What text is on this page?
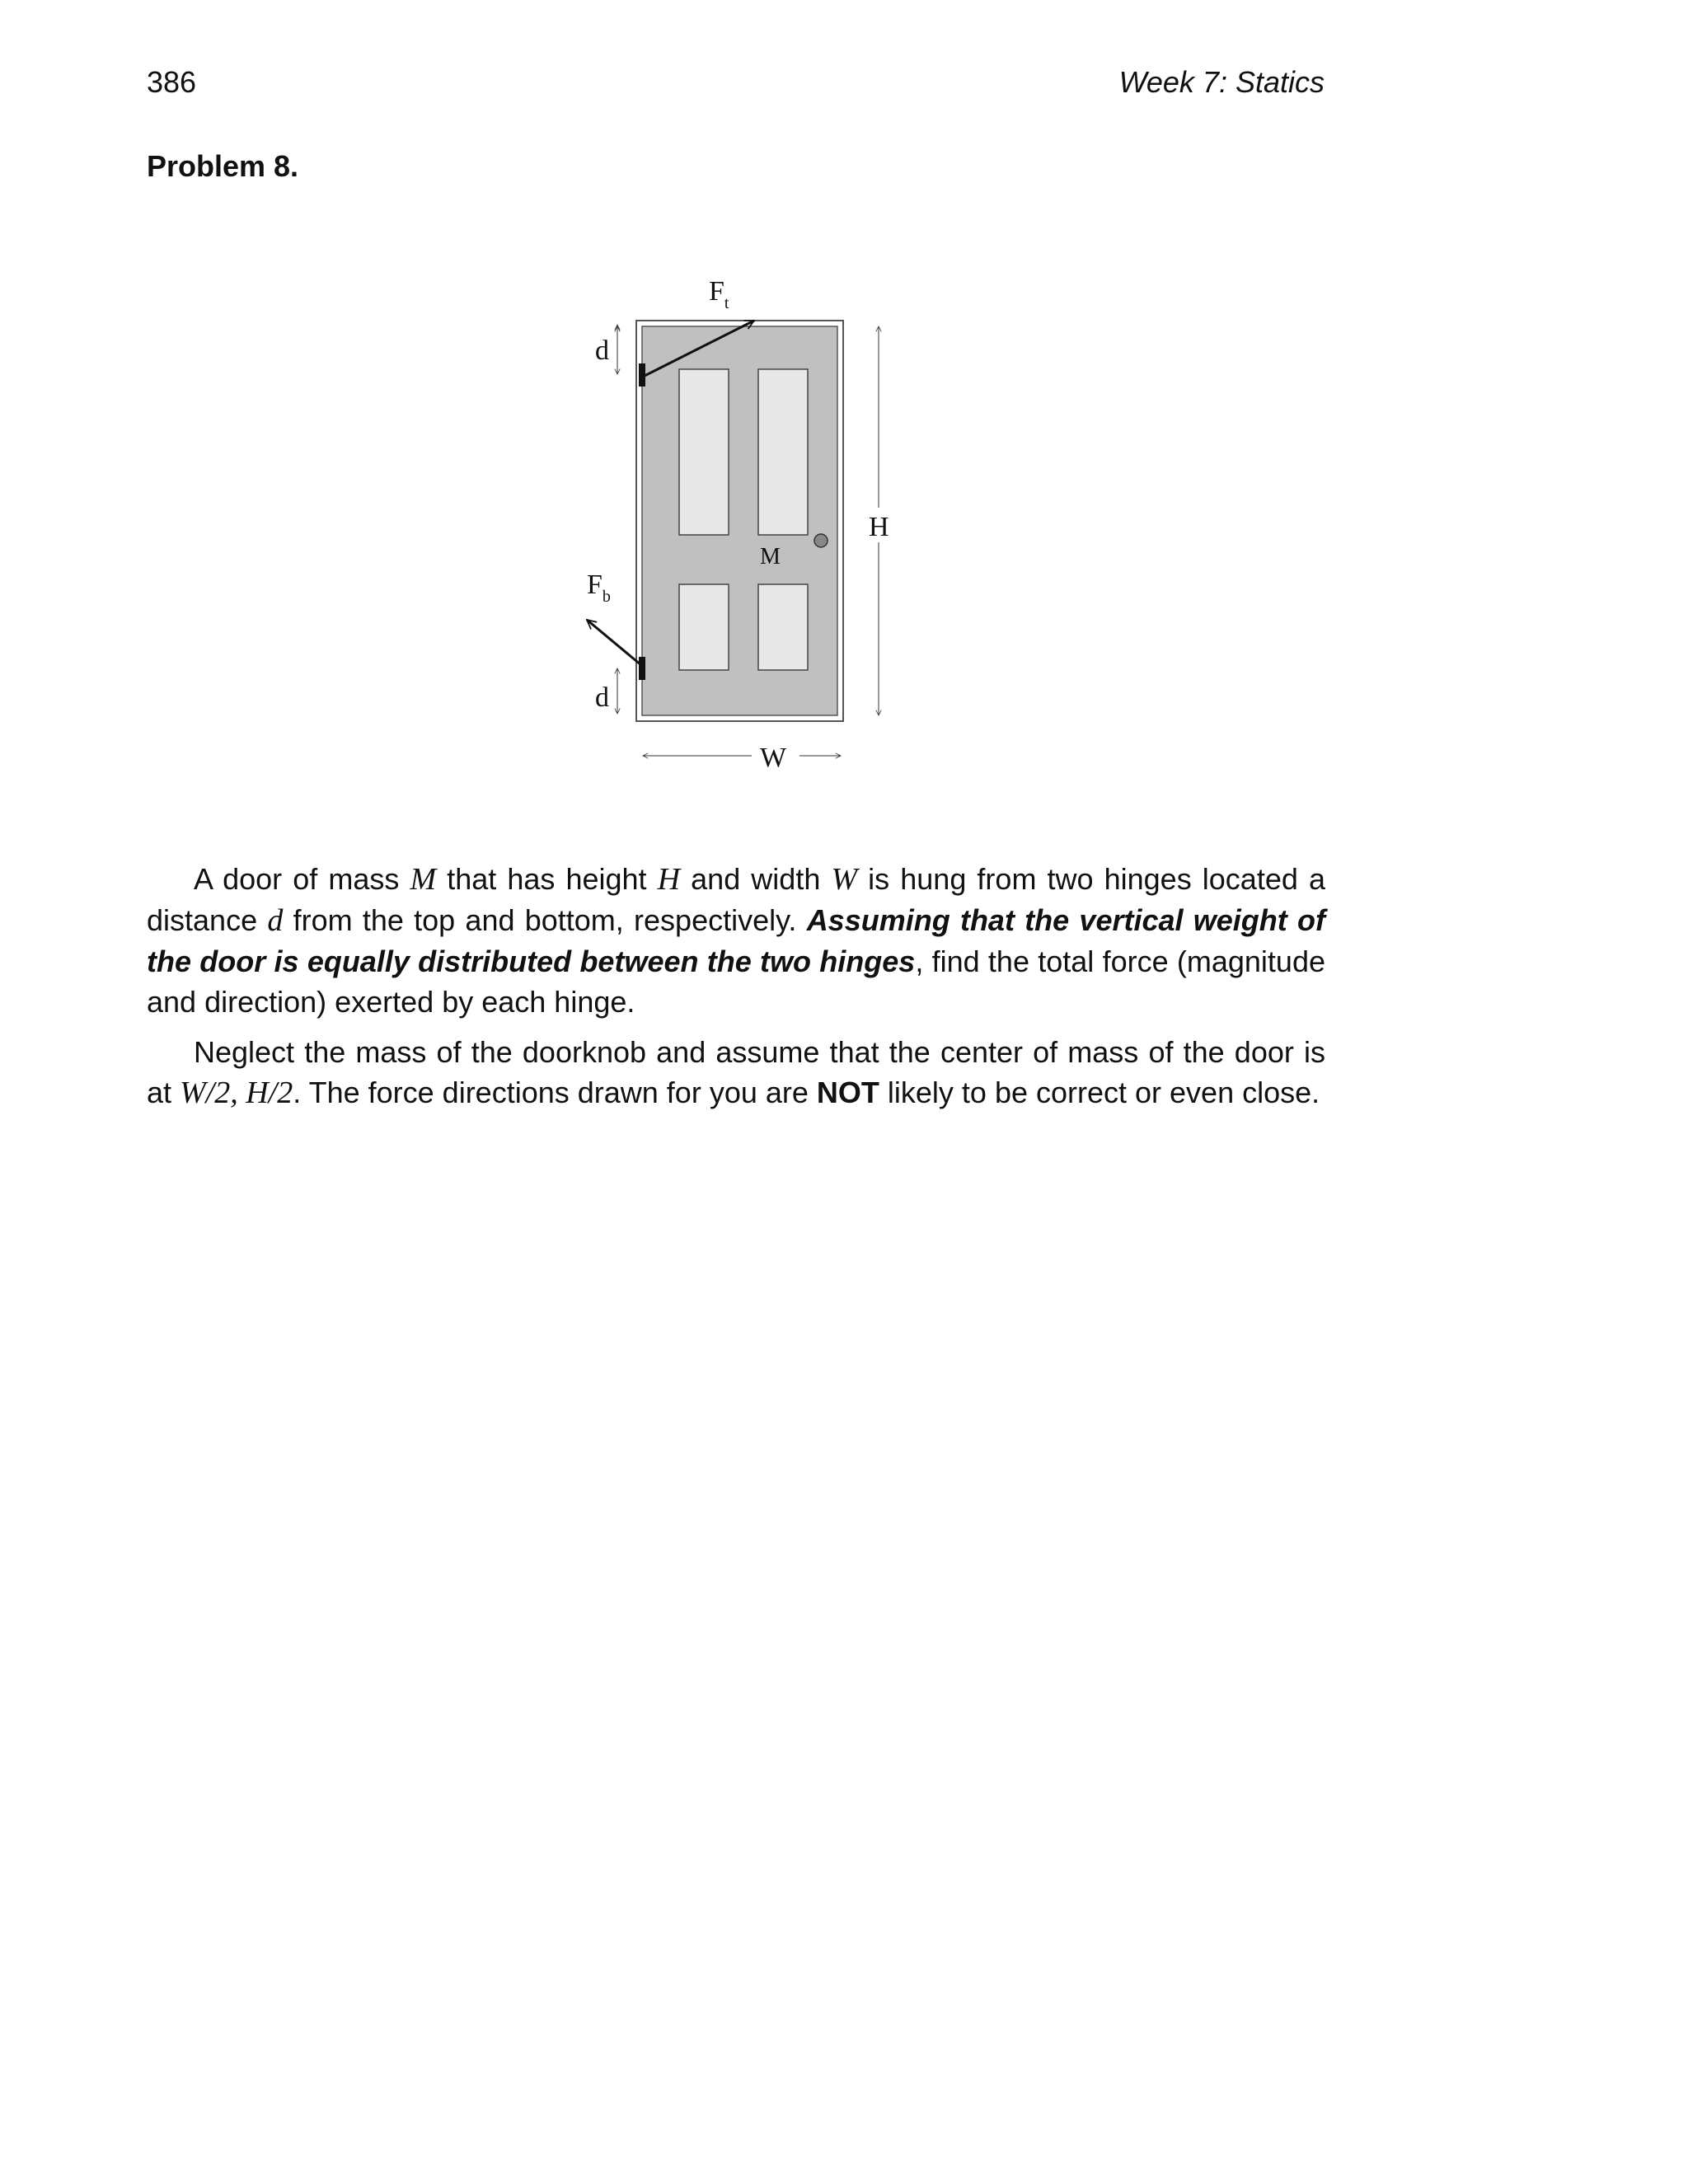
386	Week 7: Statics
Problem 8.
$F_t$
$F_b$
d
d
H
W
M

A door of mass M that has height H and width W is hung from two hinges located a distance d from the top and bottom, respectively. Assuming that the vertical weight of the door is equally distributed between the two hinges, find the total force (magnitude and direction) exerted by each hinge.

Neglect the mass of the doorknob and assume that the center of mass of the door is at W/2, H/2. The force directions drawn for you are NOT likely to be correct or even close.
